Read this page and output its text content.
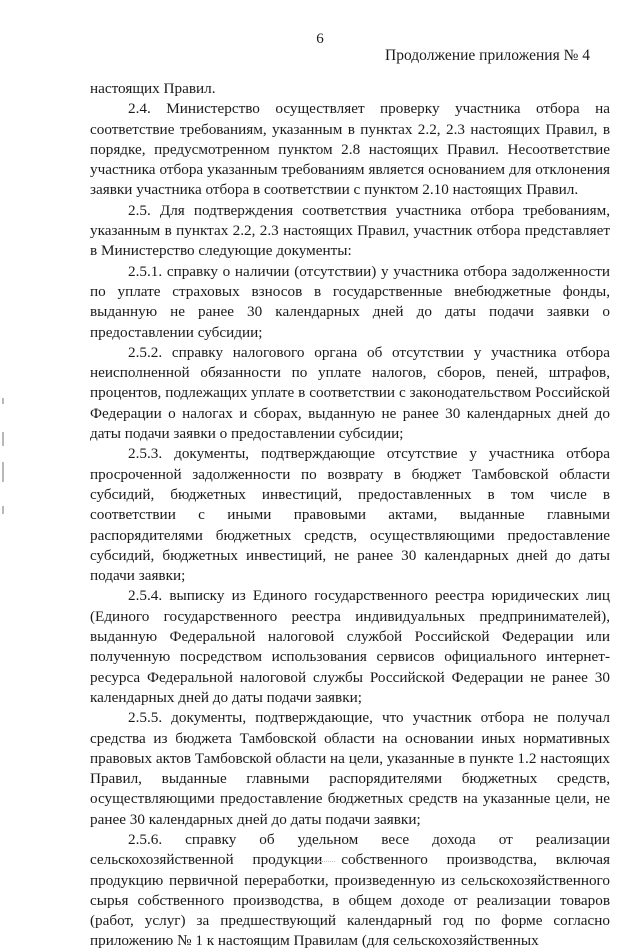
6
Продолжение приложения № 4

настоящих Правил.

2.4. Министерство осуществляет проверку участника отбора на соответствие требованиям, указанным в пунктах 2.2, 2.3 настоящих Правил, в порядке, предусмотренном пунктом 2.8 настоящих Правил. Несоответствие участника отбора указанным требованиям является основанием для отклонения заявки участника отбора в соответствии с пунктом 2.10 настоящих Правил.

2.5. Для подтверждения соответствия участника отбора требованиям, указанным в пунктах 2.2, 2.3 настоящих Правил, участник отбора представляет в Министерство следующие документы:

2.5.1. справку о наличии (отсутствии) у участника отбора задолженности по уплате страховых взносов в государственные внебюджетные фонды, выданную не ранее 30 календарных дней до даты подачи заявки о предоставлении субсидии;

2.5.2. справку налогового органа об отсутствии у участника отбора неисполненной обязанности по уплате налогов, сборов, пеней, штрафов, процентов, подлежащих уплате в соответствии с законодательством Российской Федерации о налогах и сборах, выданную не ранее 30 календарных дней до даты подачи заявки о предоставлении субсидии;

2.5.3. документы, подтверждающие отсутствие у участника отбора просроченной задолженности по возврату в бюджет Тамбовской области субсидий, бюджетных инвестиций, предоставленных в том числе в соответствии с иными правовыми актами, выданные главными распорядителями бюджетных средств, осуществляющими предоставление субсидий, бюджетных инвестиций, не ранее 30 календарных дней до даты подачи заявки;

2.5.4. выписку из Единого государственного реестра юридических лиц (Единого государственного реестра индивидуальных предпринимателей), выданную Федеральной налоговой службой Российской Федерации или полученную посредством использования сервисов официального интернет-ресурса Федеральной налоговой службы Российской Федерации не ранее 30 календарных дней до даты подачи заявки;

2.5.5. документы, подтверждающие, что участник отбора не получал средства из бюджета Тамбовской области на основании иных нормативных правовых актов Тамбовской области на цели, указанные в пункте 1.2 настоящих Правил, выданные главными распорядителями бюджетных средств, осуществляющими предоставление бюджетных средств на указанные цели, не ранее 30 календарных дней до даты подачи заявки;

2.5.6. справку об удельном весе дохода от реализации сельскохозяйственной продукции собственного производства, включая продукцию первичной переработки, произведенную из сельскохозяйственного сырья собственного производства, в общем доходе от реализации товаров (работ, услуг) за предшествующий календарный год по форме согласно приложению № 1 к настоящим Правилам (для сельскохозяйственных
